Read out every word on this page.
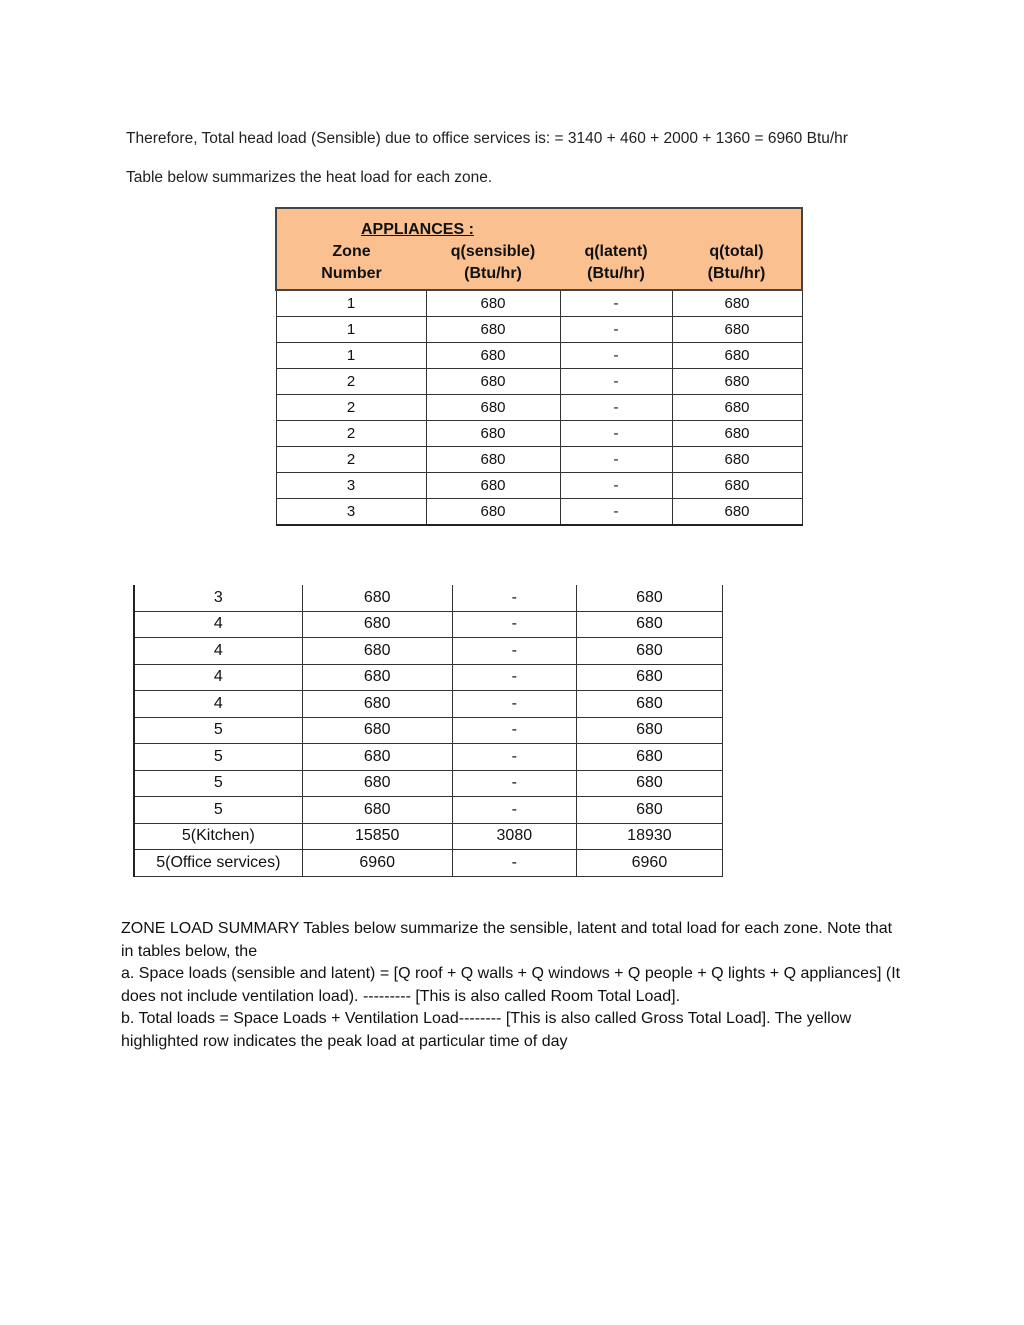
Therefore, Total head load (Sensible) due to office services is: = 3140 + 460 + 2000 + 1360 = 6960 Btu/hr
Table below summarizes the heat load for each zone.
APPLIANCES :			
Zone	q(sensible)	q(latent)	q(total)
Number	(Btu/hr)	(Btu/hr)	(Btu/hr)
1	680	-	680
1	680	-	680
1	680	-	680
2	680	-	680
2	680	-	680
2	680	-	680
2	680	-	680
3	680	-	680
3	680	-	680
3	680	-	680
4	680	-	680
4	680	-	680
4	680	-	680
4	680	-	680
5	680	-	680
5	680	-	680
5	680	-	680
5	680	-	680
5(Kitchen)	15850	3080	18930
5(Office services)	6960	-	6960

ZONE LOAD SUMMARY Tables below summarize the sensible, latent and total load for each zone. Note that in tables below, the

a. Space loads (sensible and latent) = [Q roof + Q walls + Q windows + Q people + Q lights + Q appliances] (It does not include ventilation load). --------- [This is also called Room Total Load].

b. Total loads = Space Loads + Ventilation Load-------- [This is also called Gross Total Load]. The yellow highlighted row indicates the peak load at particular time of day
